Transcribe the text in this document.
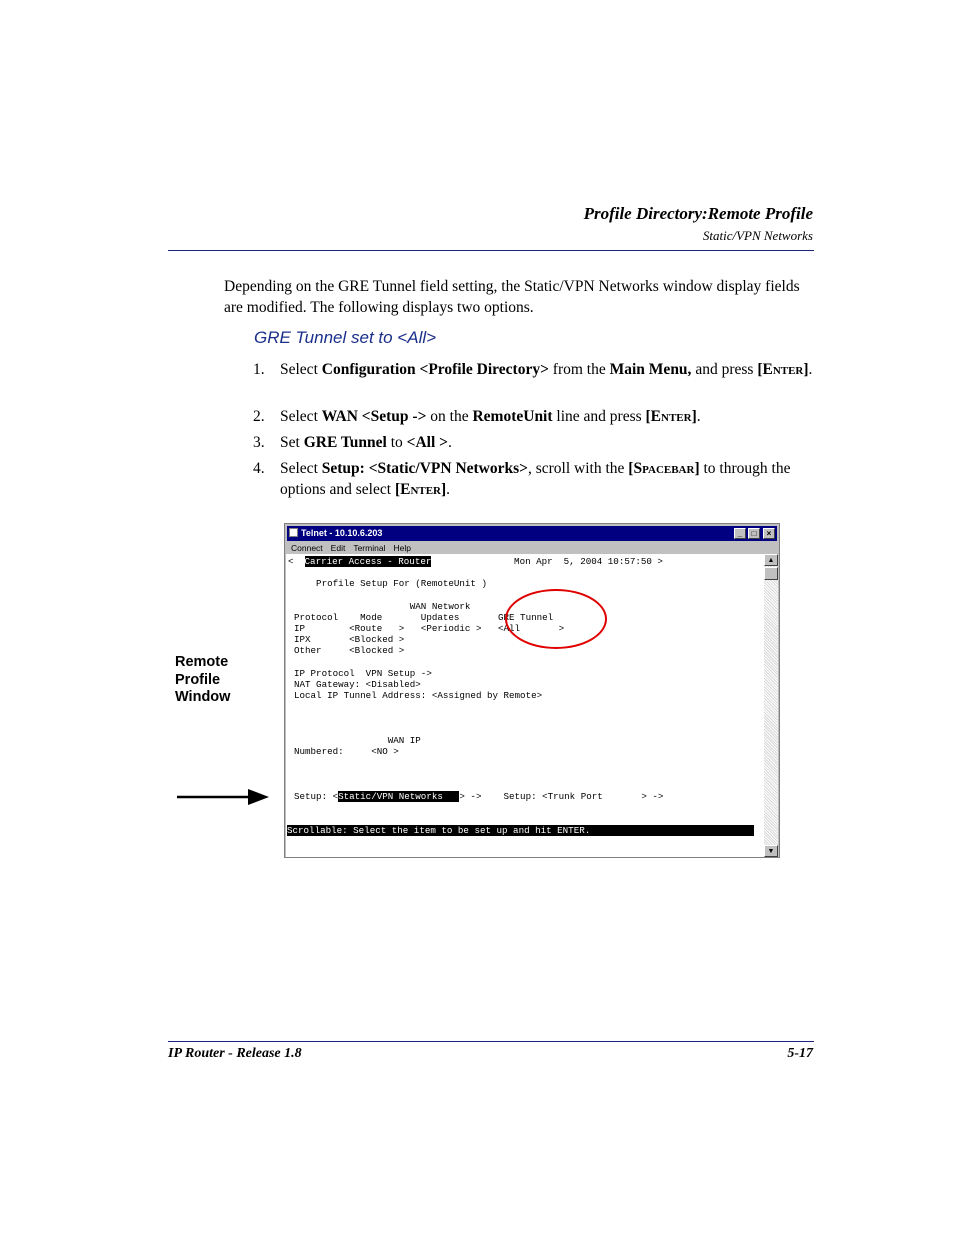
Profile Directory:Remote Profile
Static/VPN Networks
Depending on the GRE Tunnel field setting, the Static/VPN Networks window display fields are modified. The following displays two options.
GRE Tunnel set to <All>
1. Select Configuration <Profile Directory> from the Main Menu, and press [Enter].
2. Select WAN <Setup -> on the RemoteUnit line and press [Enter].
3. Set GRE Tunnel to <All >.
4. Select Setup: <Static/VPN Networks>, scroll with the [Spacebar] to through the options and select [Enter].
Remote
Profile
Window
Telnet - 10.10.6.203	_	□	×
Connect Edit Terminal Help
<  Carrier Access - Router               Mon Apr  5, 2004 10:57:50 >
Profile Setup For (RemoteUnit )
WAN Network
Protocol    Mode       Updates       GRE Tunnel
IP        <Route   >   <Periodic >   <All       >
IPX       <Blocked >
Other     <Blocked >
IP Protocol  VPN Setup ->
NAT Gateway: <Disabled>
Local IP Tunnel Address: <Assigned by Remote>
WAN IP
Numbered:     <NO >
Setup: <Static/VPN Networks   > ->    Setup: <Trunk Port       > ->
Scrollable: Select the item to be set up and hit ENTER.
▲
▼
IP Router - Release 1.8	5-17
